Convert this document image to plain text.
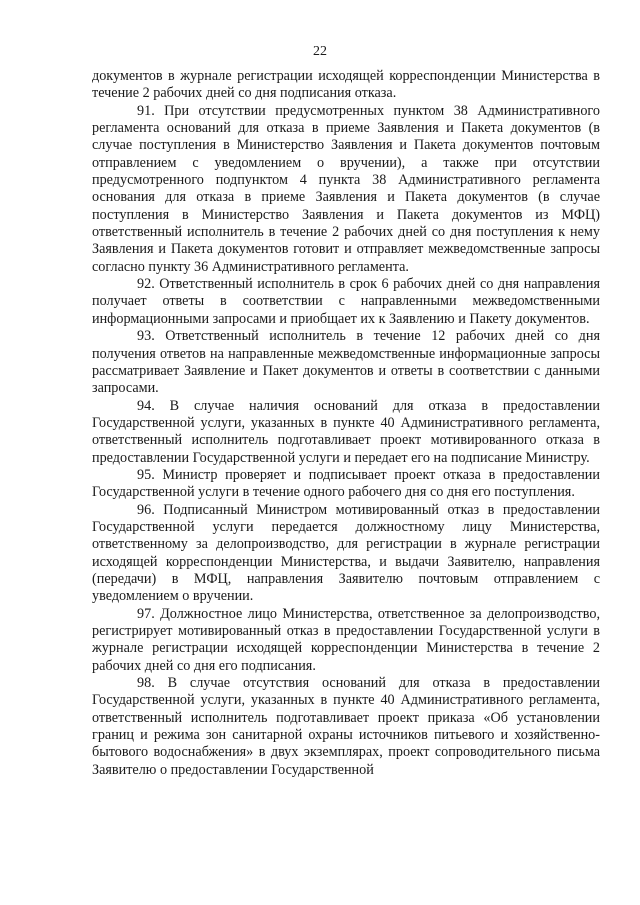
22

документов в журнале регистрации исходящей корреспонденции Министерства в течение 2 рабочих дней со дня подписания отказа.

91. При отсутствии предусмотренных пунктом 38 Административного регламента оснований для отказа в приеме Заявления и Пакета документов (в случае поступления в Министерство Заявления и Пакета документов почтовым отправлением с уведомлением о вручении), а также при отсутствии предусмотренного подпунктом 4 пункта 38 Административного регламента основания для отказа в приеме Заявления и Пакета документов (в случае поступления в Министерство Заявления и Пакета документов из МФЦ) ответственный исполнитель в течение 2 рабочих дней со дня поступления к нему Заявления и Пакета документов готовит и отправляет межведомственные запросы согласно пункту 36 Административного регламента.

92. Ответственный исполнитель в срок 6 рабочих дней со дня направления получает ответы в соответствии с направленными межведомственными информационными запросами и приобщает их к Заявлению и Пакету документов.

93. Ответственный исполнитель в течение 12 рабочих дней со дня получения ответов на направленные межведомственные информационные запросы рассматривает Заявление и Пакет документов и ответы в соответствии с данными запросами.

94. В случае наличия оснований для отказа в предоставлении Государственной услуги, указанных в пункте 40 Административного регламента, ответственный исполнитель подготавливает проект мотивированного отказа в предоставлении Государственной услуги и передает его на подписание Министру.

95. Министр проверяет и подписывает проект отказа в предоставлении Государственной услуги в течение одного рабочего дня со дня его поступления.

96. Подписанный Министром мотивированный отказ в предоставлении Государственной услуги передается должностному лицу Министерства, ответственному за делопроизводство, для регистрации в журнале регистрации исходящей корреспонденции Министерства, и выдачи Заявителю, направления (передачи) в МФЦ, направления Заявителю почтовым отправлением с уведомлением о вручении.

97. Должностное лицо Министерства, ответственное за делопроизводство, регистрирует мотивированный отказ в предоставлении Государственной услуги в журнале регистрации исходящей корреспонденции Министерства в течение 2 рабочих дней со дня его подписания.

98. В случае отсутствия оснований для отказа в предоставлении Государственной услуги, указанных в пункте 40 Административного регламента, ответственный исполнитель подготавливает проект приказа «Об установлении границ и режима зон санитарной охраны источников питьевого и хозяйственно-бытового водоснабжения» в двух экземплярах, проект сопроводительного письма Заявителю о предоставлении Государственной
